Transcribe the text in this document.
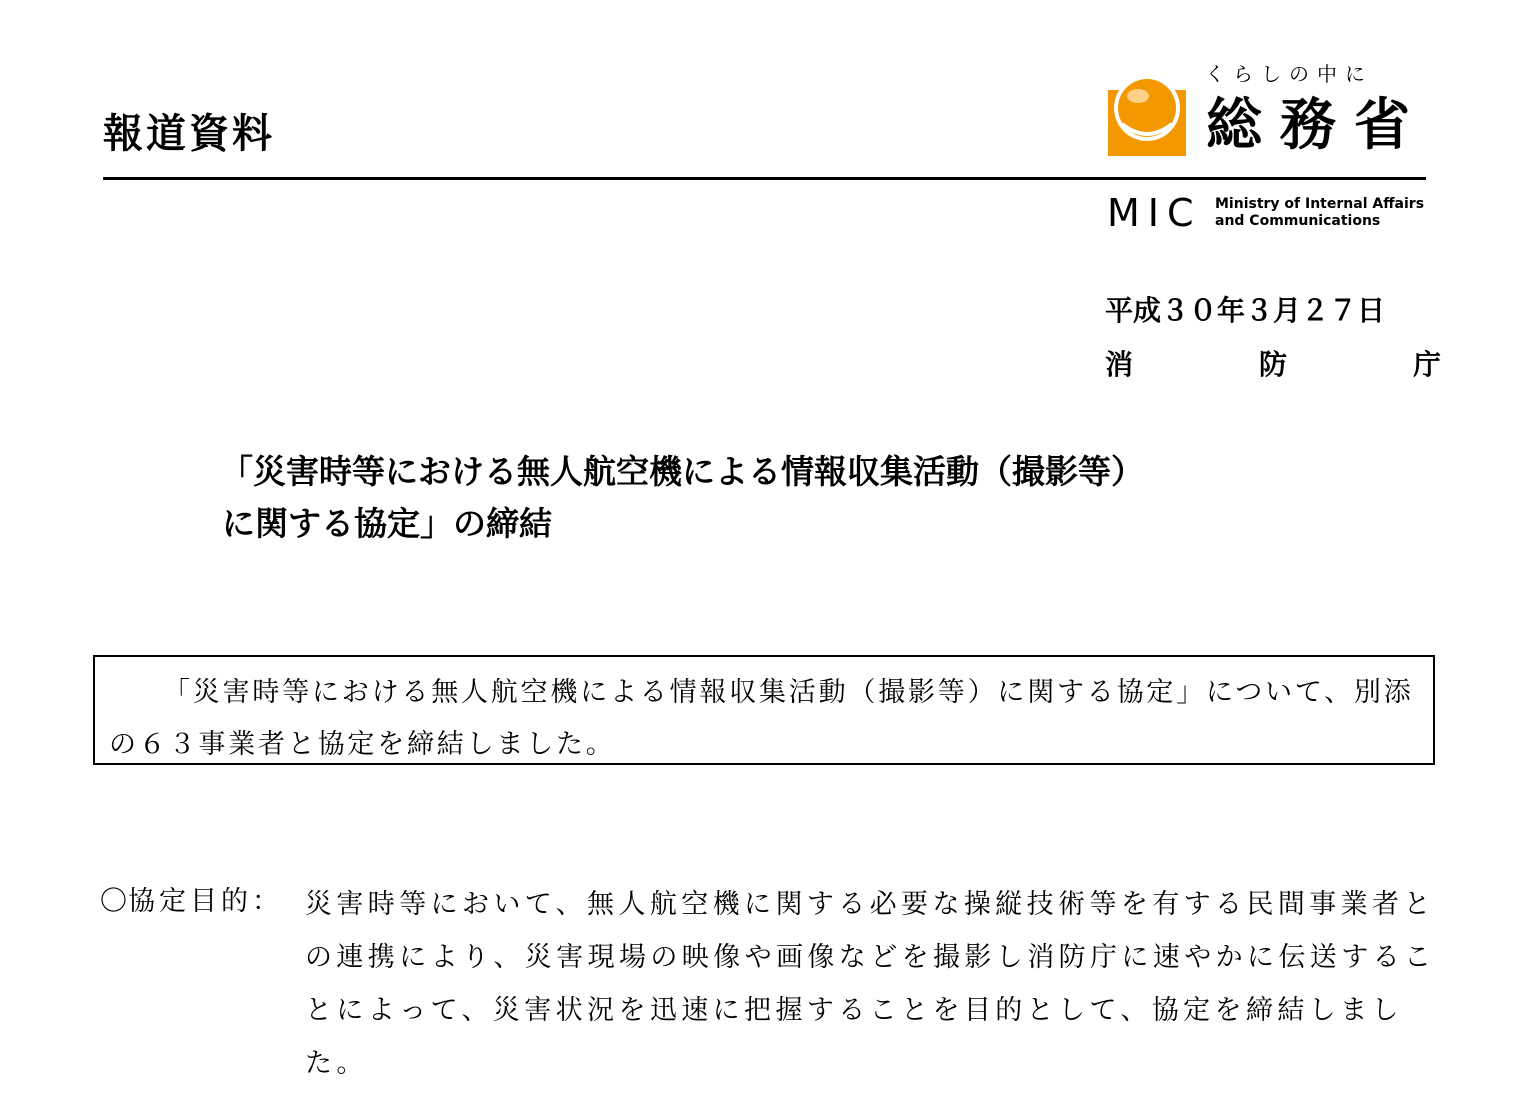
報道資料
くらしの中に
総務省
MIC Ministry of Internal Affairs
and Communications
平成３０年３月２７日
消	防	庁
「災害時等における無人航空機による情報収集活動（撮影等）
に関する協定」の締結
「災害時等における無人航空機による情報収集活動（撮影等）に関する協定」について、別添の６３事業者と協定を締結しました。
〇協定目的： 災害時等において、無人航空機に関する必要な操縦技術等を有する民間事業者との連携により、災害現場の映像や画像などを撮影し消防庁に速やかに伝送することによって、災害状況を迅速に把握することを目的として、協定を締結しました。
